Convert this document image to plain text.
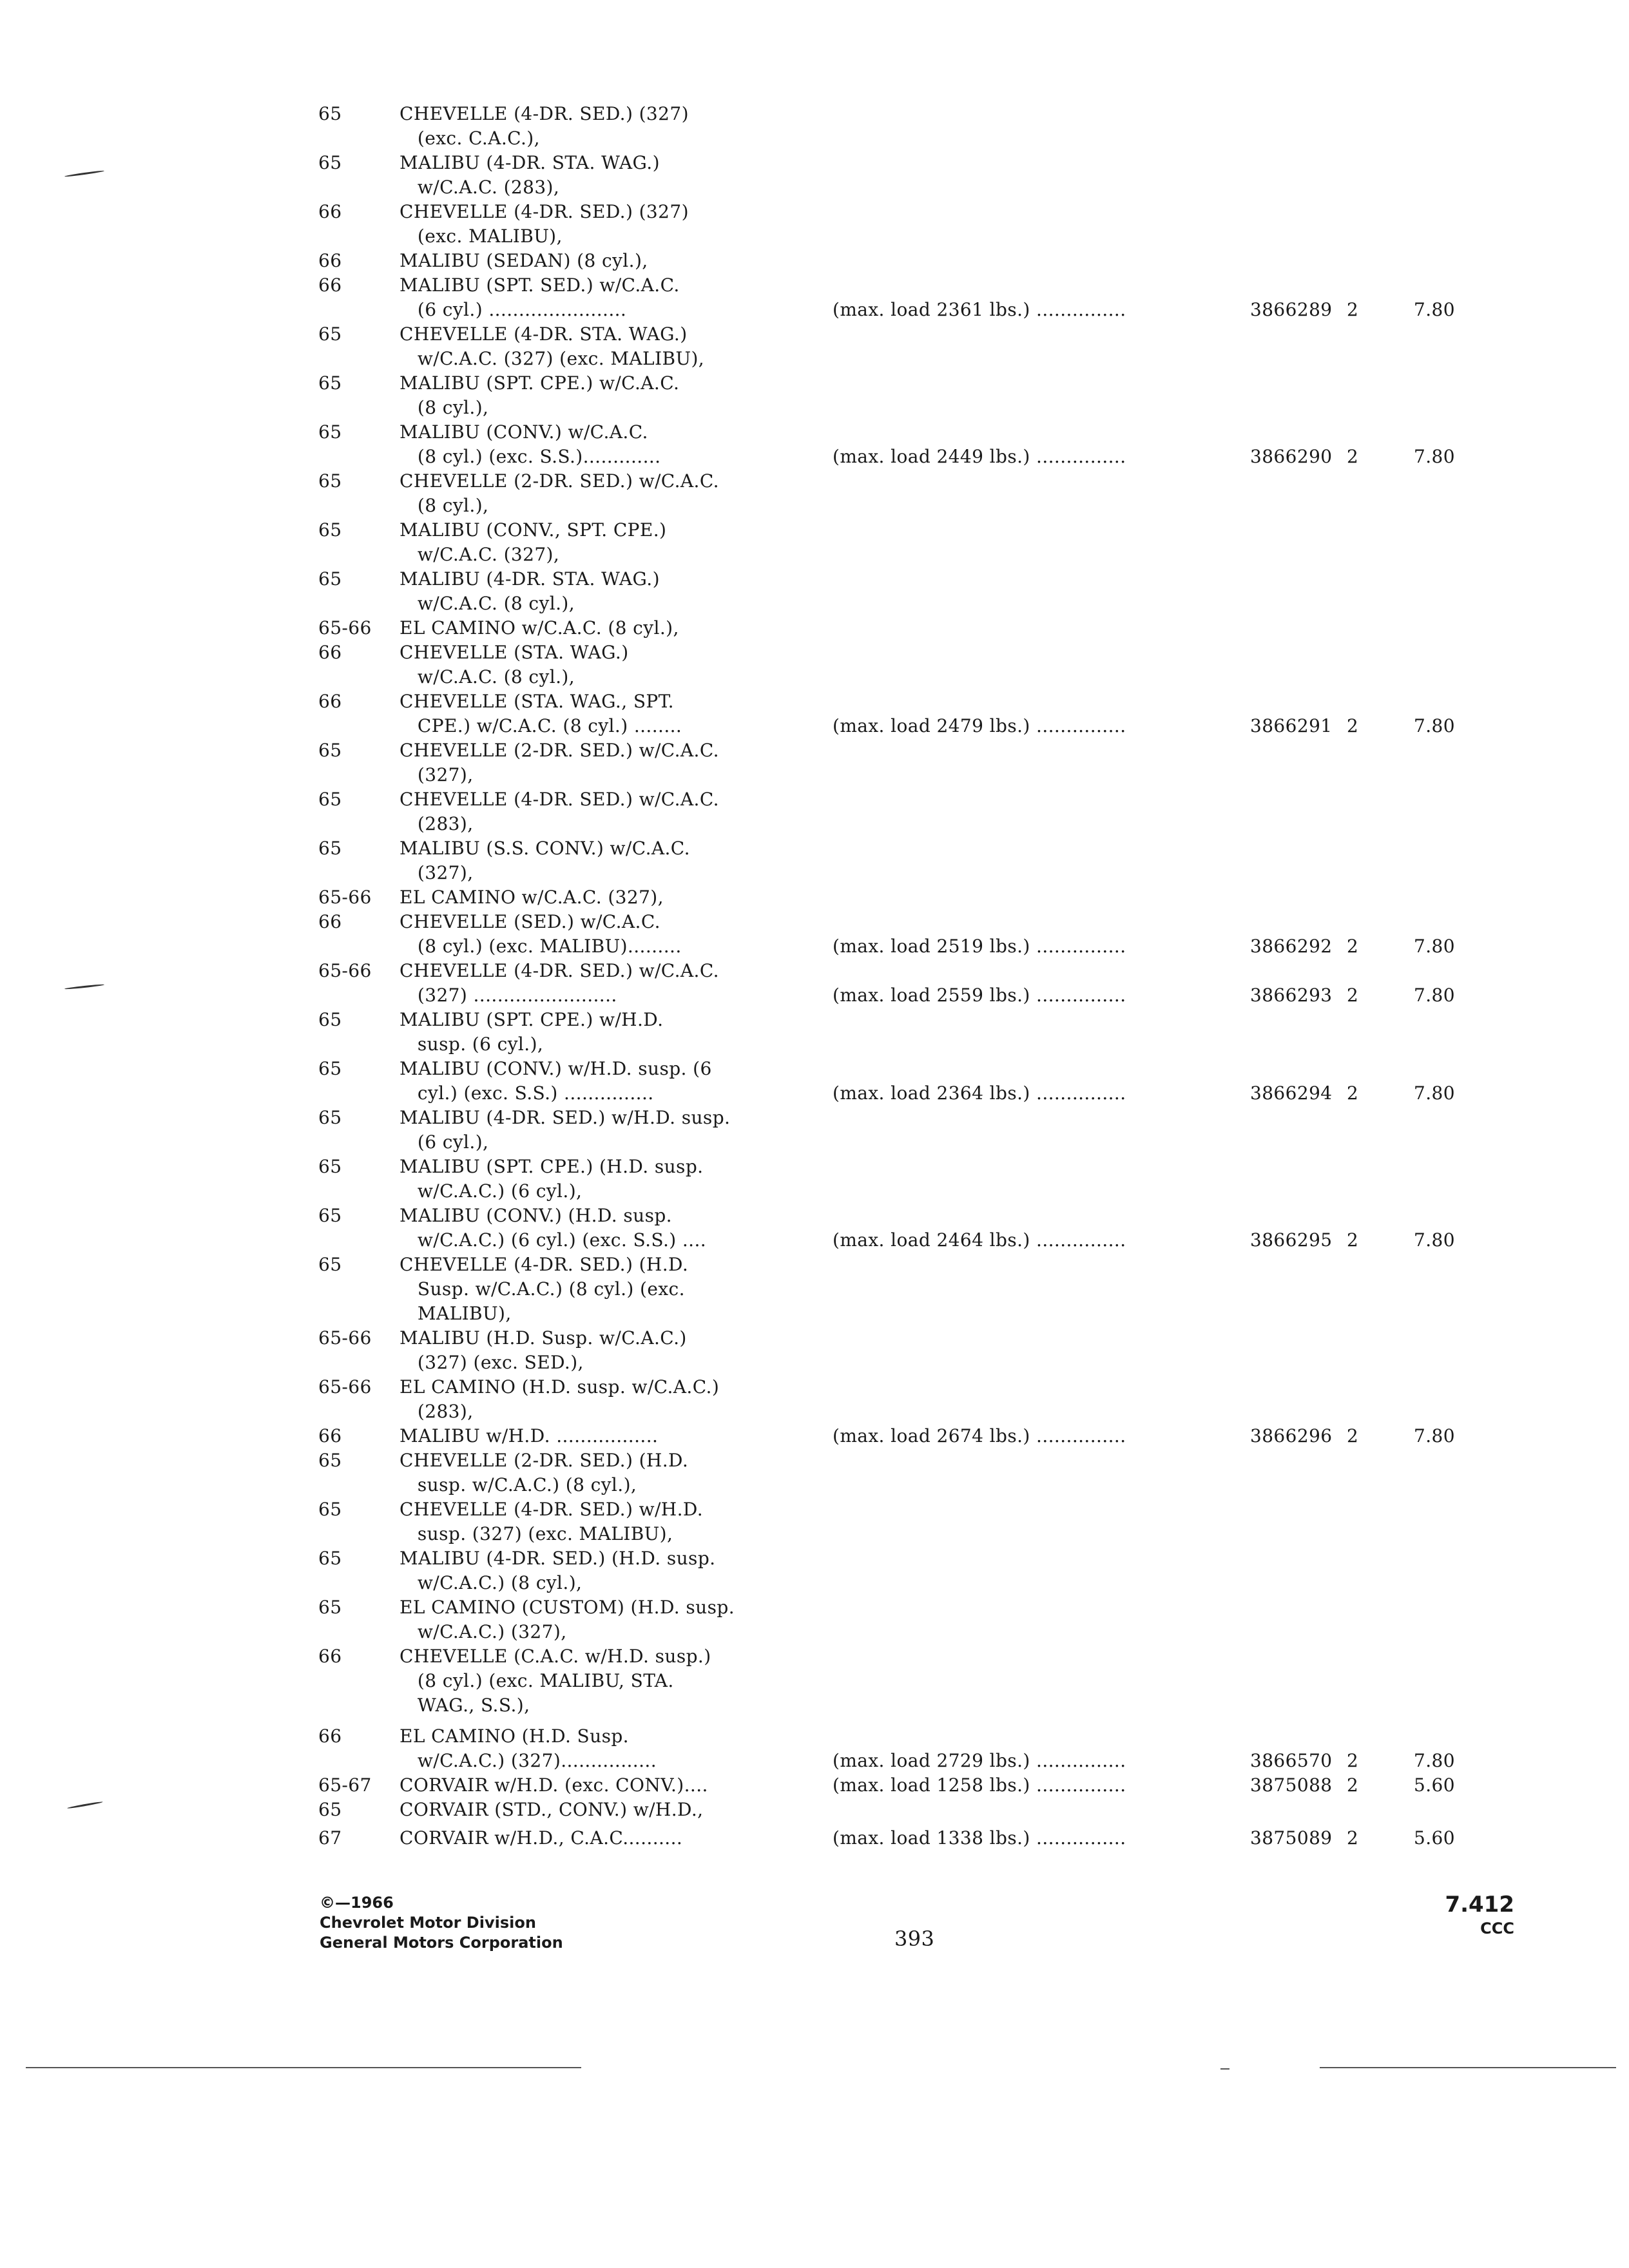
65	CHEVELLE (4-DR. SED.) (327)
(exc. C.A.C.),
65	MALIBU (4-DR. STA. WAG.)
w/C.A.C. (283),
66	CHEVELLE (4-DR. SED.) (327)
(exc. MALIBU),
66	MALIBU (SEDAN) (8 cyl.),
66	MALIBU (SPT. SED.) w/C.A.C.
(6 cyl.) .......................	(max. load 2361 lbs.) ...............	3866289 2	7.80
65	CHEVELLE (4-DR. STA. WAG.)
w/C.A.C. (327) (exc. MALIBU),
65	MALIBU (SPT. CPE.) w/C.A.C.
(8 cyl.),
65	MALIBU (CONV.) w/C.A.C.
(8 cyl.) (exc. S.S.).............	(max. load 2449 lbs.) ...............	3866290 2	7.80
65	CHEVELLE (2-DR. SED.) w/C.A.C.
(8 cyl.),
65	MALIBU (CONV., SPT. CPE.)
w/C.A.C. (327),
65	MALIBU (4-DR. STA. WAG.)
w/C.A.C. (8 cyl.),
65-66	EL CAMINO w/C.A.C. (8 cyl.),
66	CHEVELLE (STA. WAG.)
w/C.A.C. (8 cyl.),
66	CHEVELLE (STA. WAG., SPT.
CPE.) w/C.A.C. (8 cyl.) ........	(max. load 2479 lbs.) ...............	3866291 2	7.80
65	CHEVELLE (2-DR. SED.) w/C.A.C.
(327),
65	CHEVELLE (4-DR. SED.) w/C.A.C.
(283),
65	MALIBU (S.S. CONV.) w/C.A.C.
(327),
65-66	EL CAMINO w/C.A.C. (327),
66	CHEVELLE (SED.) w/C.A.C.
(8 cyl.) (exc. MALIBU).........	(max. load 2519 lbs.) ...............	3866292 2	7.80
65-66	CHEVELLE (4-DR. SED.) w/C.A.C.
(327) ........................	(max. load 2559 lbs.) ...............	3866293 2	7.80
65	MALIBU (SPT. CPE.) w/H.D.
susp. (6 cyl.),
65	MALIBU (CONV.) w/H.D. susp. (6
cyl.) (exc. S.S.) ...............	(max. load 2364 lbs.) ...............	3866294 2	7.80
65	MALIBU (4-DR. SED.) w/H.D. susp.
(6 cyl.),
65	MALIBU (SPT. CPE.) (H.D. susp.
w/C.A.C.) (6 cyl.),
65	MALIBU (CONV.) (H.D. susp.
w/C.A.C.) (6 cyl.) (exc. S.S.) ....	(max. load 2464 lbs.) ...............	3866295 2	7.80
65	CHEVELLE (4-DR. SED.) (H.D.
Susp. w/C.A.C.) (8 cyl.) (exc.
MALIBU),
65-66	MALIBU (H.D. Susp. w/C.A.C.)
(327) (exc. SED.),
65-66	EL CAMINO (H.D. susp. w/C.A.C.)
(283),
66	MALIBU w/H.D. .................	(max. load 2674 lbs.) ...............	3866296 2	7.80
65	CHEVELLE (2-DR. SED.) (H.D.
susp. w/C.A.C.) (8 cyl.),
65	CHEVELLE (4-DR. SED.) w/H.D.
susp. (327) (exc. MALIBU),
65	MALIBU (4-DR. SED.) (H.D. susp.
w/C.A.C.) (8 cyl.),
65	EL CAMINO (CUSTOM) (H.D. susp.
w/C.A.C.) (327),
66	CHEVELLE (C.A.C. w/H.D. susp.)
(8 cyl.) (exc. MALIBU, STA.
WAG., S.S.),
66	EL CAMINO (H.D. Susp.
w/C.A.C.) (327)................	(max. load 2729 lbs.) ...............	3866570 2	7.80
65-67	CORVAIR w/H.D. (exc. CONV.)....	(max. load 1258 lbs.) ...............	3875088 2	5.60
65	CORVAIR (STD., CONV.) w/H.D.,
67	CORVAIR w/H.D., C.A.C..........	(max. load 1338 lbs.) ...............	3875089 2	5.60
©—1966
Chevrolet Motor Division
General Motors Corporation	393
7.412
CCC
